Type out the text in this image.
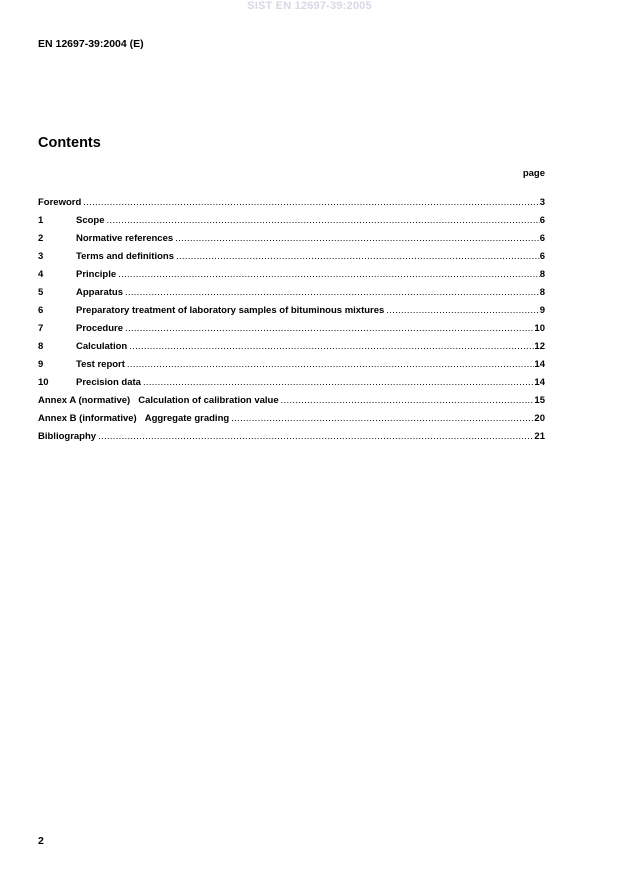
SIST EN 12697-39:2005
EN 12697-39:2004 (E)
Contents
page
Foreword .....	3
1	Scope .....	6
2	Normative references .....	6
3	Terms and definitions .....	6
4	Principle .....	8
5	Apparatus .....	8
6	Preparatory treatment of laboratory samples of bituminous mixtures .....	9
7	Procedure .....	10
8	Calculation .....	12
9	Test report .....	14
10	Precision data .....	14
Annex A (normative) Calculation of calibration value .....	15
Annex B (informative) Aggregate grading .....	20
Bibliography .....	21
2
